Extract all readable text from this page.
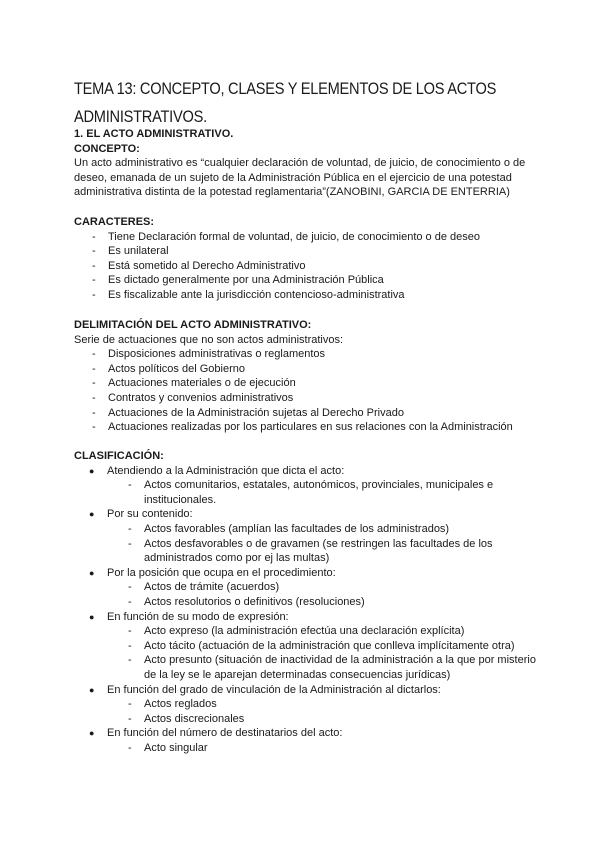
TEMA 13: CONCEPTO, CLASES Y ELEMENTOS DE LOS ACTOS
ADMINISTRATIVOS.
1. EL ACTO ADMINISTRATIVO.
CONCEPTO:

Un acto administrativo es “cualquier declaración de voluntad, de juicio, de conocimiento o de deseo, emanada de un sujeto de la Administración Pública en el ejercicio de una potestad administrativa distinta de la potestad reglamentaria”(ZANOBINI, GARCIA DE ENTERRIA)

CARACTERES:
- Tiene Declaración formal de voluntad, de juicio, de conocimiento o de deseo
- Es unilateral
- Está sometido al Derecho Administrativo
- Es dictado generalmente por una Administración Pública
- Es fiscalizable ante la jurisdicción contencioso-administrativa
DELIMITACIÓN DEL ACTO ADMINISTRATIVO:

Serie de actuaciones que no son actos administrativos:

- Disposiciones administrativas o reglamentos
- Actos políticos del Gobierno
- Actuaciones materiales o de ejecución
- Contratos y convenios administrativos
- Actuaciones de la Administración sujetas al Derecho Privado
- Actuaciones realizadas por los particulares en sus relaciones con la Administración
CLASIFICACIÓN:
● Atendiendo a la Administración que dicta el acto:
- Actos comunitarios, estatales, autonómicos, provinciales, municipales e institucionales.
● Por su contenido:
- Actos favorables (amplían las facultades de los administrados)
- Actos desfavorables o de gravamen (se restringen las facultades de los administrados como por ej las multas)
● Por la posición que ocupa en el procedimiento:
- Actos de trámite (acuerdos)
- Actos resolutorios o definitivos (resoluciones)
● En función de su modo de expresión:
- Acto expreso (la administración efectúa una declaración explícita)
- Acto tácito (actuación de la administración que conlleva implícitamente otra)
- Acto presunto (situación de inactividad de la administración a la que por misterio de la ley se le aparejan determinadas consecuencias jurídicas)
● En función del grado de vinculación de la Administración al dictarlos:
- Actos reglados
- Actos discrecionales
● En función del número de destinatarios del acto:
- Acto singular
